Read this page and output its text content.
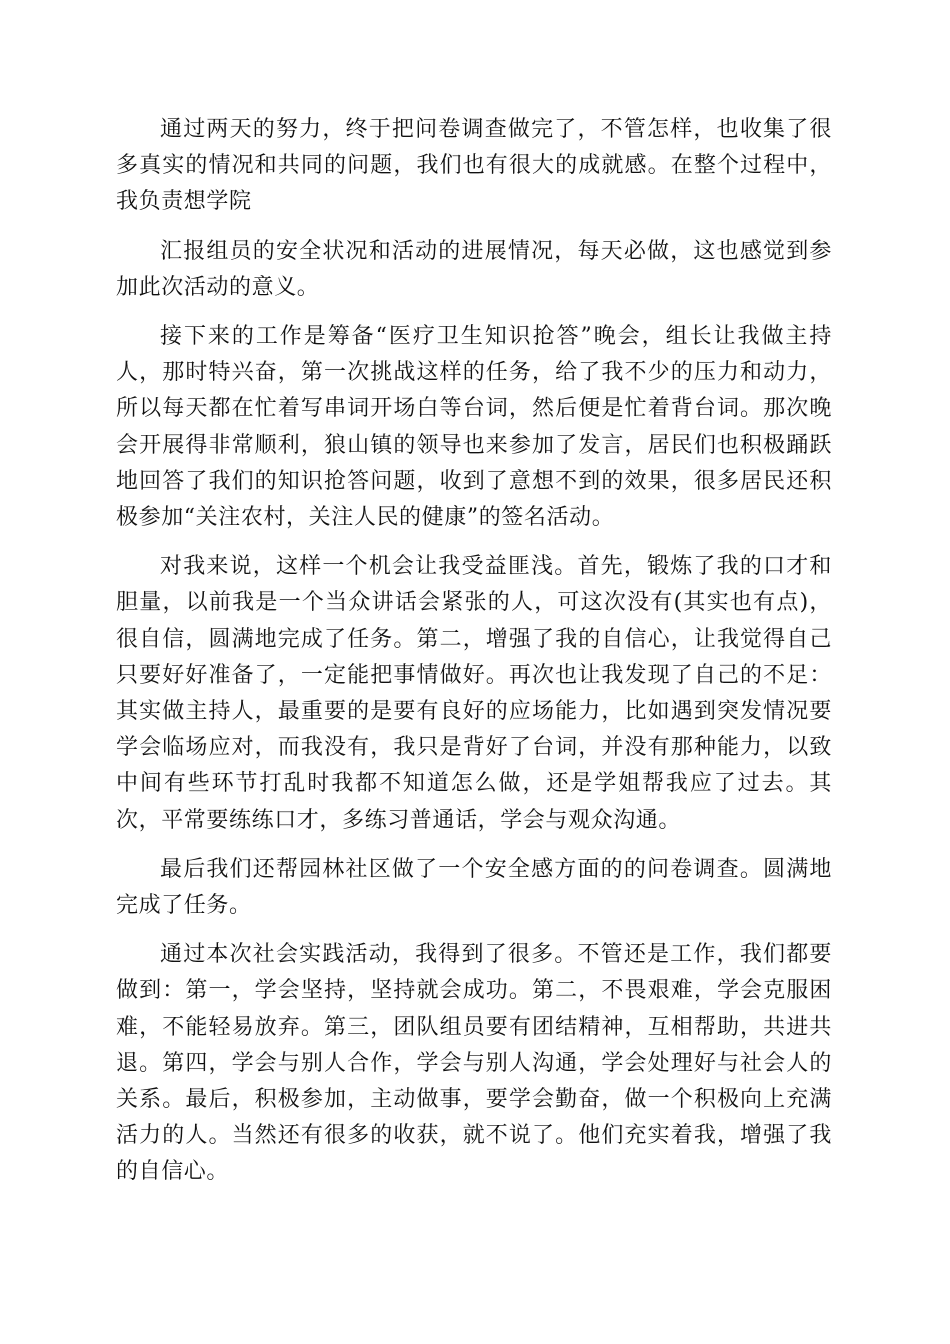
通过两天的努力，终于把问卷调查做完了，不管怎样，也收集了很多真实的情况和共同的问题，我们也有很大的成就感。在整个过程中，我负责想学院

汇报组员的安全状况和活动的进展情况，每天必做，这也感觉到参加此次活动的意义。

接下来的工作是筹备“医疗卫生知识抢答”晚会，组长让我做主持人，那时特兴奋，第一次挑战这样的任务，给了我不少的压力和动力，所以每天都在忙着写串词开场白等台词，然后便是忙着背台词。那次晚会开展得非常顺利，狼山镇的领导也来参加了发言，居民们也积极踊跃地回答了我们的知识抢答问题，收到了意想不到的效果，很多居民还积极参加“关注农村，关注人民的健康”的签名活动。

对我来说，这样一个机会让我受益匪浅。首先，锻炼了我的口才和胆量，以前我是一个当众讲话会紧张的人，可这次没有(其实也有点)，很自信，圆满地完成了任务。第二，增强了我的自信心，让我觉得自己只要好好准备了，一定能把事情做好。再次也让我发现了自己的不足：其实做主持人，最重要的是要有良好的应场能力，比如遇到突发情况要学会临场应对，而我没有，我只是背好了台词，并没有那种能力，以致中间有些环节打乱时我都不知道怎么做，还是学姐帮我应了过去。其次，平常要练练口才，多练习普通话，学会与观众沟通。

最后我们还帮园林社区做了一个安全感方面的的问卷调查。圆满地完成了任务。

通过本次社会实践活动，我得到了很多。不管还是工作，我们都要做到：第一，学会坚持，坚持就会成功。第二，不畏艰难，学会克服困难，不能轻易放弃。第三，团队组员要有团结精神，互相帮助，共进共退。第四，学会与别人合作，学会与别人沟通，学会处理好与社会人的关系。最后，积极参加，主动做事，要学会勤奋，做一个积极向上充满活力的人。当然还有很多的收获，就不说了。他们充实着我，增强了我的自信心。
